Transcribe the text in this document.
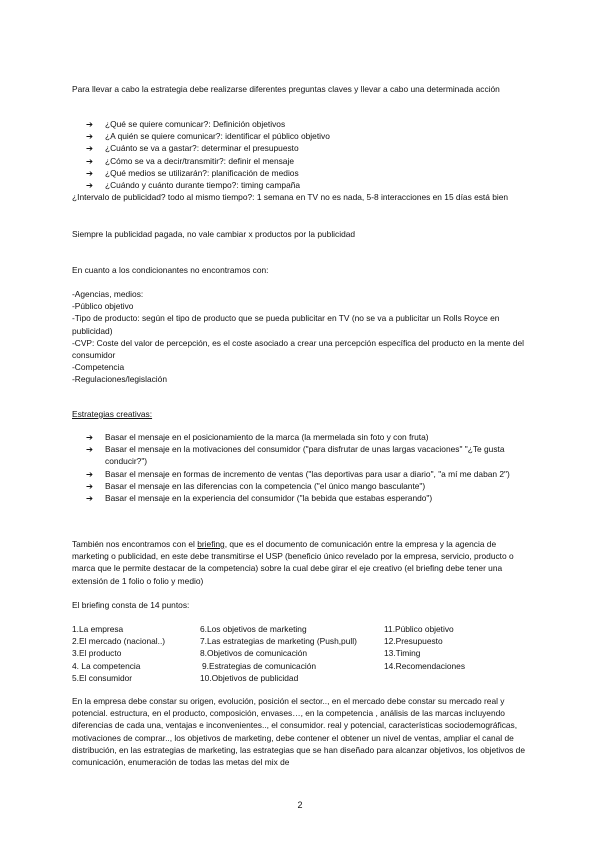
Para llevar a cabo la estrategia debe realizarse diferentes preguntas claves y llevar a cabo una determinada acción

➔ ¿Qué se quiere comunicar?: Definición objetivos
➔ ¿A quién se quiere comunicar?: identificar el público objetivo
➔ ¿Cuánto se va a gastar?: determinar el presupuesto
➔ ¿Cómo se va a decir/transmitir?: definir el mensaje
➔ ¿Qué medios se utilizarán?: planificación de medios
➔ ¿Cuándo y cuánto durante tiempo?: timing campaña

¿Intervalo de publicidad? todo al mismo tiempo?: 1 semana en TV no es nada, 5-8 interacciones en 15 días está bien

Siempre la publicidad pagada, no vale cambiar x productos por la publicidad

En cuanto a los condicionantes no encontramos con:

-Agencias, medios:

-Público objetivo

-Tipo de producto: según el tipo de producto que se pueda publicitar en TV (no se va a publicitar un Rolls Royce en publicidad)

-CVP: Coste del valor de percepción, es el coste asociado a crear una percepción específica del producto en la mente del consumidor

-Competencia

-Regulaciones/legislación

Estrategias creativas:

➔ Basar el mensaje en el posicionamiento de la marca (la mermelada sin foto y con fruta)
➔ Basar el mensaje en la motivaciones del consumidor ("para disfrutar de unas largas vacaciones" "¿Te gusta conducir?")
➔ Basar el mensaje en formas de incremento de ventas ("las deportivas para usar a diario", "a mí me daban 2")
➔ Basar el mensaje en las diferencias con la competencia ("el único mango basculante")
➔ Basar el mensaje en la experiencia del consumidor ("la bebida que estabas esperando")

También nos encontramos con el briefing, que es el documento de comunicación entre la empresa y la agencia de marketing o publicidad, en este debe transmitirse el USP (beneficio único revelado por la empresa, servicio, producto o marca que le permite destacar de la competencia) sobre la cual debe girar el eje creativo (el briefing debe tener una extensión de 1 folio o folio y medio)

El briefing consta de 14 puntos:

1.La empresa
2.El mercado (nacional..)
3.El producto
4. La competencia
5.El consumidor
6.Los objetivos de marketing
7.Las estrategias de marketing (Push,pull)
8.Objetivos de comunicación
9.Estrategias de comunicación
10.Objetivos de publicidad
11.Público objetivo
12.Presupuesto
13.Timing
14.Recomendaciones

En la empresa debe constar su origen, evolución, posición el sector.., en el mercado debe constar su mercado real y potencial. estructura, en el producto, composición, envases…, en la competencia , análisis de las marcas incluyendo diferencias de cada una, ventajas e inconvenientes.., el consumidor. real y potencial, características sociodemográficas, motivaciones de comprar.., los objetivos de marketing, debe contener el obtener un nivel de ventas, ampliar el canal de distribución, en las estrategias de marketing, las estrategias que se han diseñado para alcanzar objetivos, los objetivos de comunicación, enumeración de todas las metas del mix de

2
